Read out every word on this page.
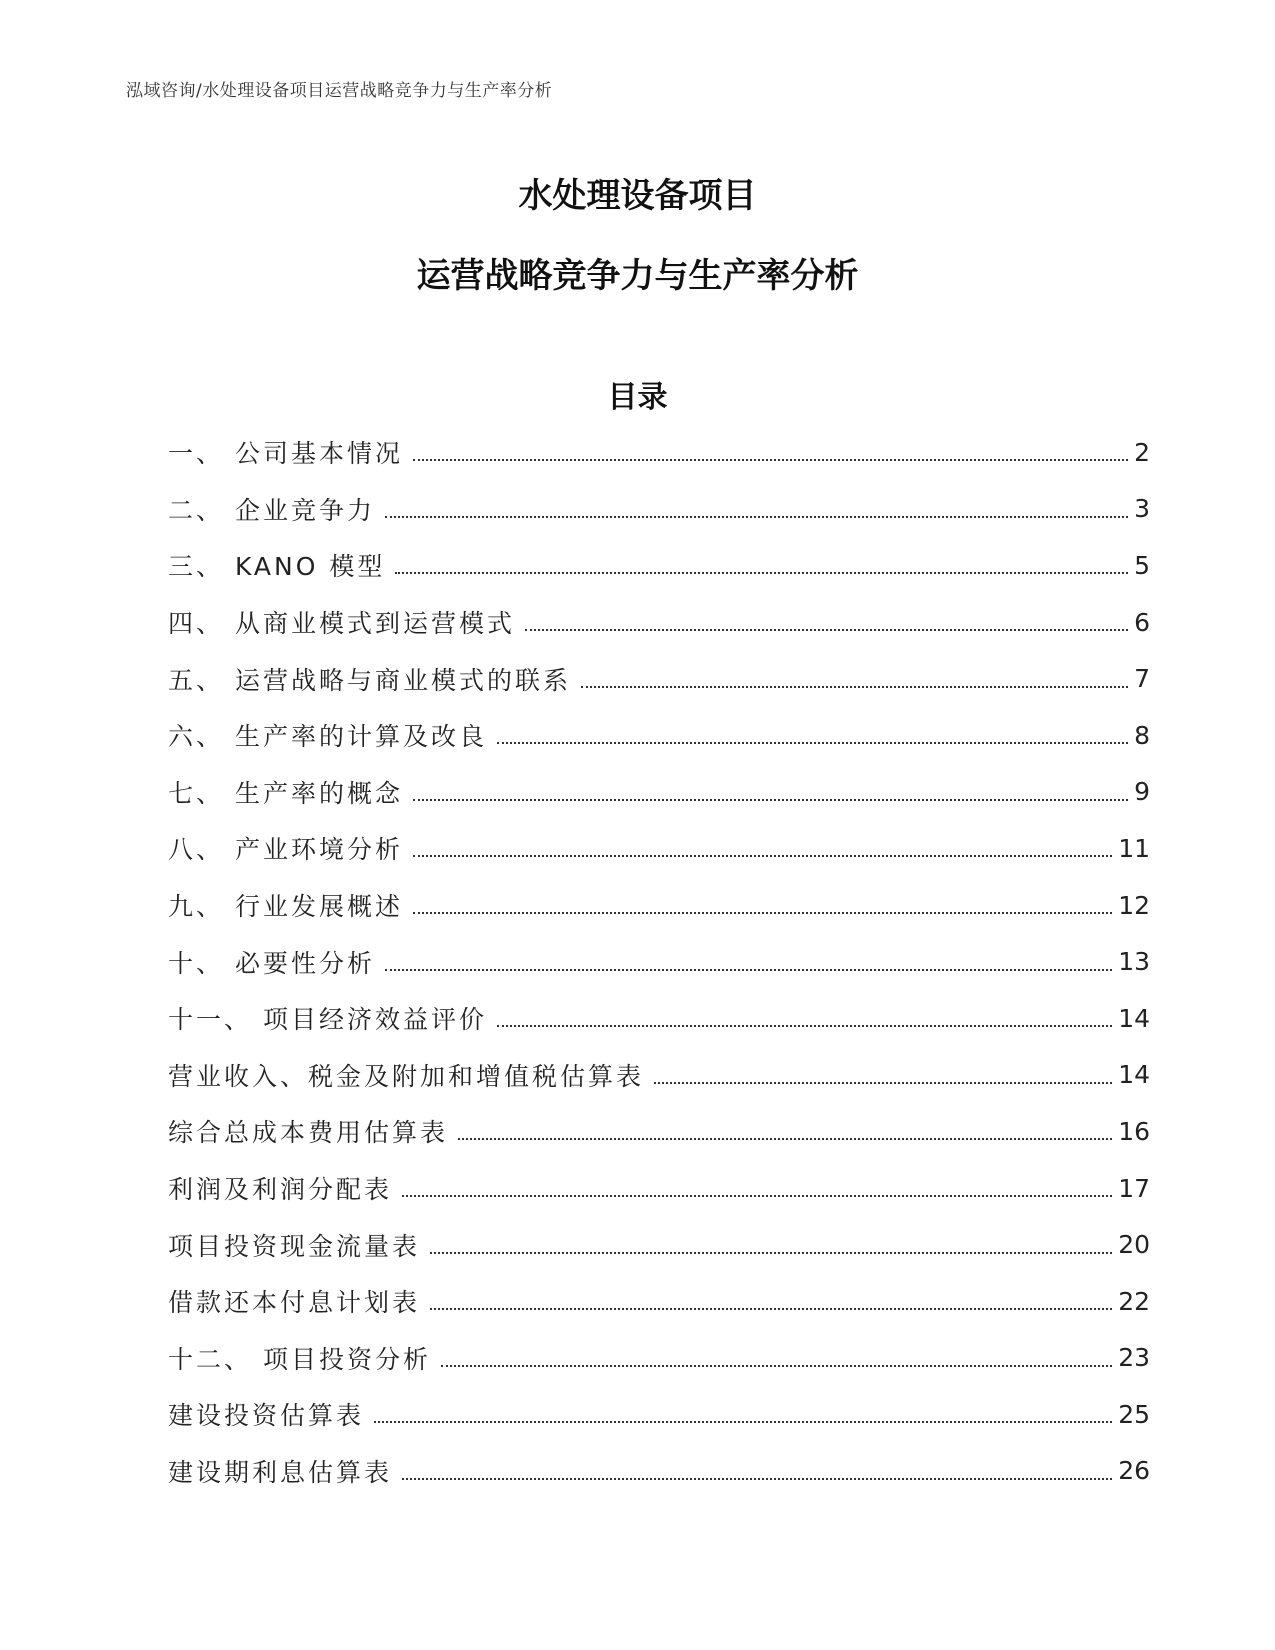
泓域咨询/水处理设备项目运营战略竞争力与生产率分析
水处理设备项目
运营战略竞争力与生产率分析
目录
一、 公司基本情况	2
二、 企业竞争力	3
三、 KANO 模型	5
四、 从商业模式到运营模式	6
五、 运营战略与商业模式的联系	7
六、 生产率的计算及改良	8
七、 生产率的概念	9
八、 产业环境分析	11
九、 行业发展概述	12
十、 必要性分析	13
十一、 项目经济效益评价	14
营业收入、税金及附加和增值税估算表	14
综合总成本费用估算表	16
利润及利润分配表	17
项目投资现金流量表	20
借款还本付息计划表	22
十二、 项目投资分析	23
建设投资估算表	25
建设期利息估算表	26
